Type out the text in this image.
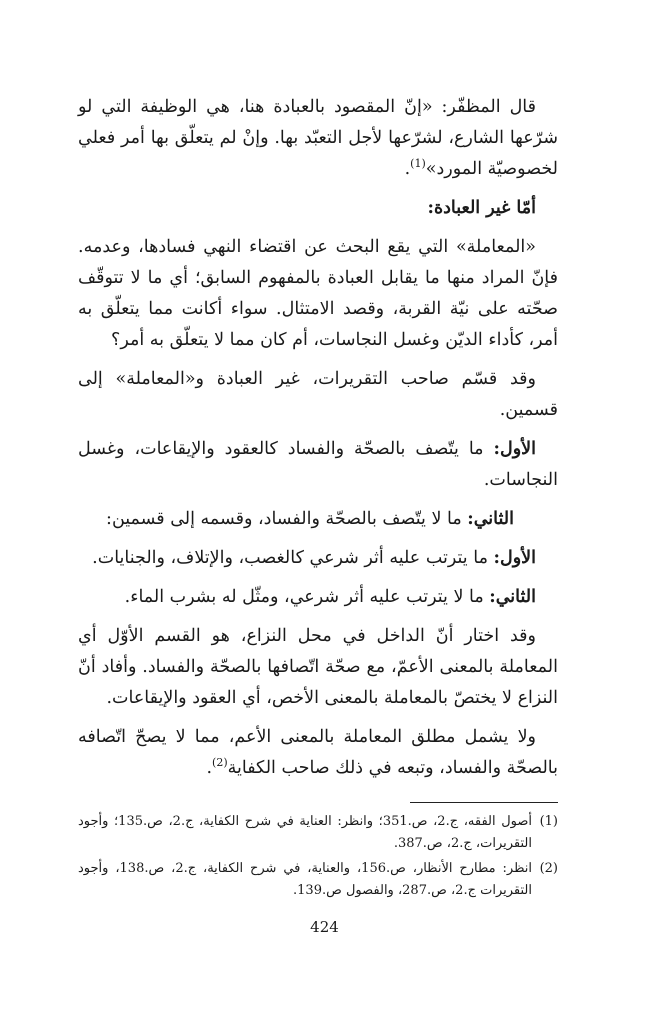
قال المظفّر: «إنّ المقصود بالعبادة هنا، هي الوظيفة التي لو شرّعها الشارع، لشرّعها لأجل التعبّد بها. وإنْ لم يتعلّق بها أمر فعلي لخصوصيّة المورد»$^{(1)}$.

أمّا غير العبادة:

«المعاملة» التي يقع البحث عن اقتضاء النهي فسادها، وعدمه. فإنّ المراد منها ما يقابل العبادة بالمفهوم السابق؛ أي ما لا تتوقّف صحّته على نيّة القربة، وقصد الامتثال. سواء أكانت مما يتعلّق به أمر، كأداء الديّن وغسل النجاسات، أم كان مما لا يتعلّق به أمر؟

وقد قسّم صاحب التقريرات، غير العبادة و«المعاملة» إلى قسمين.

الأول: ما يتّصف بالصحّة والفساد كالعقود والإيقاعات، وغسل النجاسات.

الثاني: ما لا يتّصف بالصحّة والفساد، وقسمه إلى قسمين:

الأول: ما يترتب عليه أثر شرعي كالغصب، والإتلاف، والجنايات.

الثاني: ما لا يترتب عليه أثر شرعي، ومثّل له بشرب الماء.

وقد اختار أنّ الداخل في محل النزاع، هو القسم الأوّل أي المعاملة بالمعنى الأعمّ، مع صحّة اتّصافها بالصحّة والفساد. وأفاد أنّ النزاع لا يختصّ بالمعاملة بالمعنى الأخص، أي العقود والإيقاعات.

ولا يشمل مطلق المعاملة بالمعنى الأعم، مما لا يصحّ اتّصافه بالصحّة والفساد، وتبعه في ذلك صاحب الكفاية$^{(2)}$.

(1)
أصول الفقه، ج.2، ص.351؛ وانظر: العناية في شرح الكفاية، ج.2، ص.135؛ وأجود التقريرات، ج.2، ص.387.
(2)
انظر: مطارح الأنظار، ص.156، والعناية، في شرح الكفاية، ج.2، ص.138، وأجود التقريرات ج.2، ص.287، والفصول ص.139.
424
